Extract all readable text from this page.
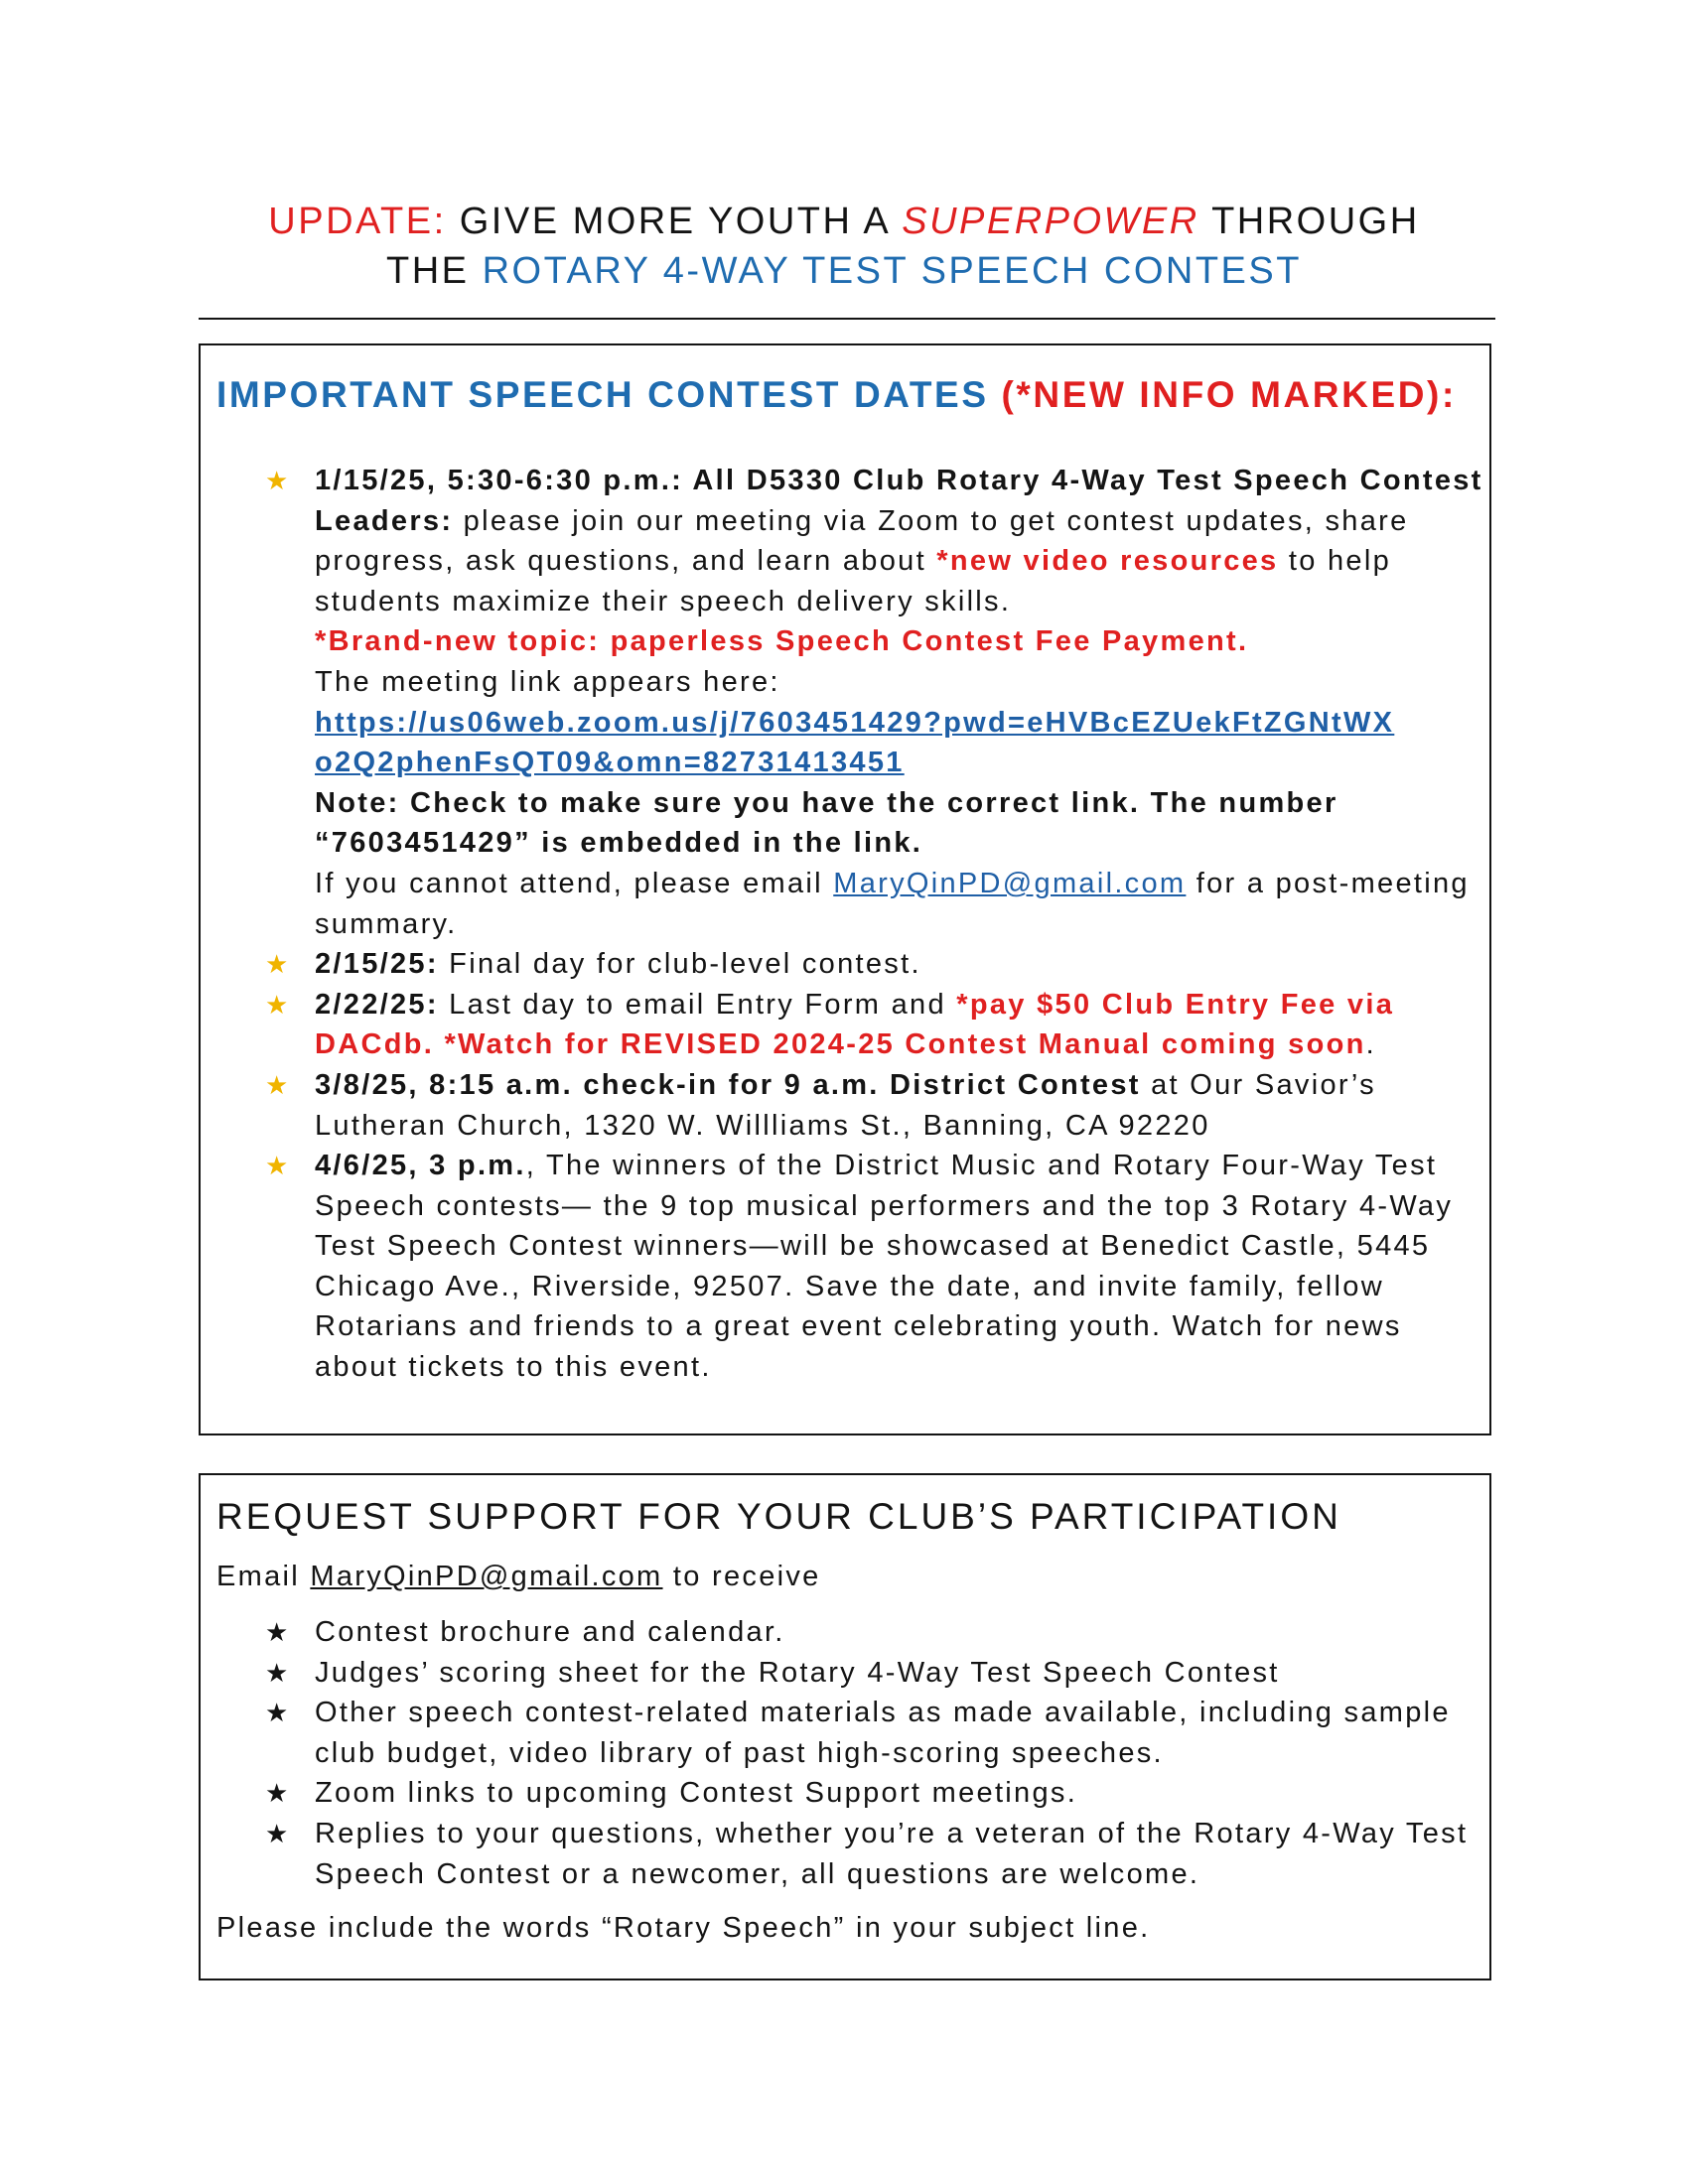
UPDATE: GIVE MORE YOUTH A SUPERPOWER THROUGH
THE ROTARY 4-WAY TEST SPEECH CONTEST
IMPORTANT SPEECH CONTEST DATES (*NEW INFO MARKED):
★ 1/15/25, 5:30-6:30 p.m.: All D5330 Club Rotary 4-Way Test Speech Contest Leaders: please join our meeting via Zoom to get contest updates, share progress, ask questions, and learn about *new video resources to help students maximize their speech delivery skills.
*Brand-new topic: paperless Speech Contest Fee Payment.
The meeting link appears here:
https://us06web.zoom.us/j/7603451429?pwd=eHVBcEZUekFtZGNtWX
o2Q2phenFsQT09&omn=82731413451
Note: Check to make sure you have the correct link. The number “7603451429” is embedded in the link.
If you cannot attend, please email MaryQinPD@gmail.com for a post-meeting summary.
★ 2/15/25: Final day for club-level contest.
★ 2/22/25: Last day to email Entry Form and *pay $50 Club Entry Fee via DACdb. *Watch for REVISED 2024-25 Contest Manual coming soon.
★ 3/8/25, 8:15 a.m. check-in for 9 a.m. District Contest at Our Savior’s Lutheran Church, 1320 W. Willliams St., Banning, CA 92220
★ 4/6/25, 3 p.m., The winners of the District Music and Rotary Four-Way Test Speech contests— the 9 top musical performers and the top 3 Rotary 4-Way Test Speech Contest winners—will be showcased at Benedict Castle, 5445 Chicago Ave., Riverside, 92507. Save the date, and invite family, fellow Rotarians and friends to a great event celebrating youth. Watch for news about tickets to this event.
REQUEST SUPPORT FOR YOUR CLUB’S PARTICIPATION
Email MaryQinPD@gmail.com to receive
★ Contest brochure and calendar.
★ Judges’ scoring sheet for the Rotary 4-Way Test Speech Contest
★ Other speech contest-related materials as made available, including sample club budget, video library of past high-scoring speeches.
★ Zoom links to upcoming Contest Support meetings.
★ Replies to your questions, whether you’re a veteran of the Rotary 4-Way Test Speech Contest or a newcomer, all questions are welcome.
Please include the words “Rotary Speech” in your subject line.
